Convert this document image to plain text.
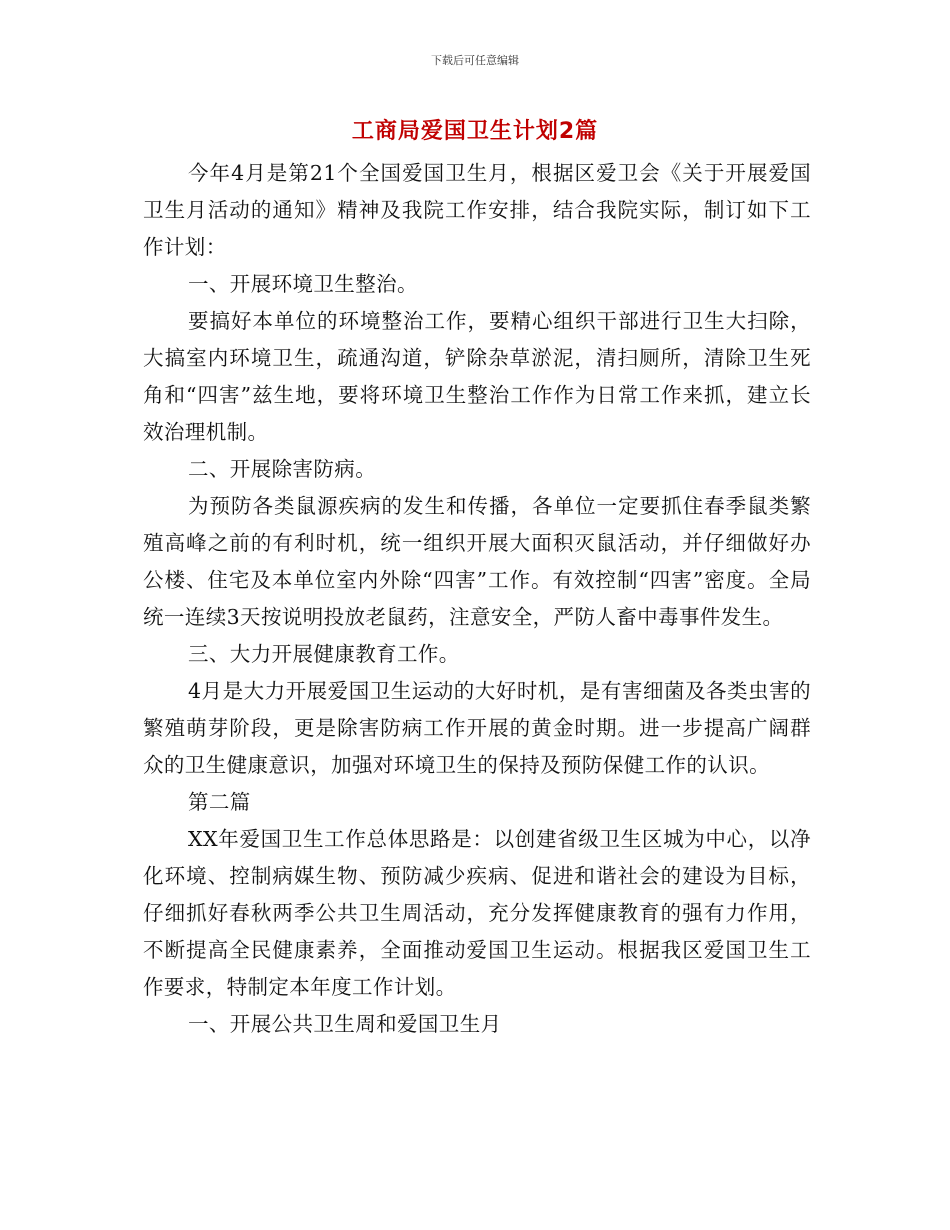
下载后可任意编辑
工商局爱国卫生计划2篇

今年4月是第21个全国爱国卫生月，根据区爱卫会《关于开展爱国卫生月活动的通知》精神及我院工作安排，结合我院实际，制订如下工作计划：

一、开展环境卫生整治。

要搞好本单位的环境整治工作，要精心组织干部进行卫生大扫除，大搞室内环境卫生，疏通沟道，铲除杂草淤泥，清扫厕所，清除卫生死角和“四害”兹生地，要将环境卫生整治工作作为日常工作来抓，建立长效治理机制。

二、开展除害防病。

为预防各类鼠源疾病的发生和传播，各单位一定要抓住春季鼠类繁殖高峰之前的有利时机，统一组织开展大面积灭鼠活动，并仔细做好办公楼、住宅及本单位室内外除“四害”工作。有效控制“四害”密度。全局统一连续3天按说明投放老鼠药，注意安全，严防人畜中毒事件发生。

三、大力开展健康教育工作。

4月是大力开展爱国卫生运动的大好时机，是有害细菌及各类虫害的繁殖萌芽阶段，更是除害防病工作开展的黄金时期。进一步提高广阔群众的卫生健康意识，加强对环境卫生的保持及预防保健工作的认识。

第二篇

XX年爱国卫生工作总体思路是：以创建省级卫生区城为中心，以净化环境、控制病媒生物、预防减少疾病、促进和谐社会的建设为目标，仔细抓好春秋两季公共卫生周活动，充分发挥健康教育的强有力作用，不断提高全民健康素养，全面推动爱国卫生运动。根据我区爱国卫生工作要求，特制定本年度工作计划。

一、开展公共卫生周和爱国卫生月
